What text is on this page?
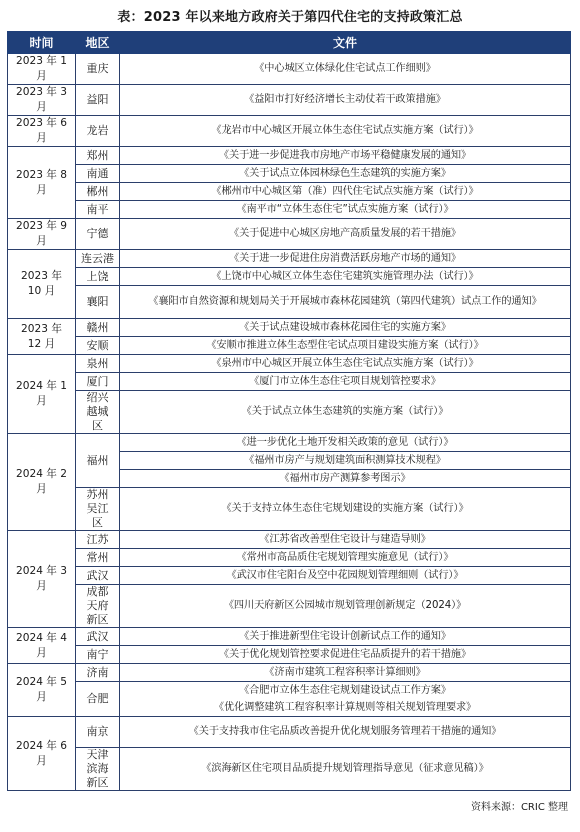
表：2023 年以来地方政府关于第四代住宅的支持政策汇总
时间	地区	文件
2023 年 1 月	重庆	《中心城区立体绿化住宅试点工作细则》
2023 年 3 月	益阳	《益阳市打好经济增长主动仗若干政策措施》
2023 年 6 月	龙岩	《龙岩市中心城区开展立体生态住宅试点实施方案（试行）》
2023 年 8 月	郑州	《关于进一步促进我市房地产市场平稳健康发展的通知》
	南通	《关于试点立体园林绿色生态建筑的实施方案》
	郴州	《郴州市中心城区第（准）四代住宅试点实施方案（试行）》
	南平	《南平市“立体生态住宅”试点实施方案（试行）》
2023 年 9 月	宁德	《关于促进中心城区房地产高质量发展的若干措施》
2023 年 10 月	连云港	《关于进一步促进住房消费活跃房地产市场的通知》
	上饶	《上饶市中心城区立体生态住宅建筑实施管理办法（试行）》
	襄阳	《襄阳市自然资源和规划局关于开展城市森林花园建筑（第四代建筑）试点工作的通知》
2023 年 12 月	赣州	《关于试点建设城市森林花园住宅的实施方案》
	安顺	《安顺市推进立体生态型住宅试点项目建设实施方案（试行）》
2024 年 1 月	泉州	《泉州市中心城区开展立体生态住宅试点实施方案（试行）》
	厦门	《厦门市立体生态住宅项目规划管控要求》
	绍兴越城区	《关于试点立体生态建筑的实施方案（试行）》
2024 年 2 月	福州	《进一步优化土地开发相关政策的意见（试行）》
		《福州市房产与规划建筑面积测算技术规程》
		《福州市房产测算参考图示》
	苏州吴江区	《关于支持立体生态住宅规划建设的实施方案（试行）》
2024 年 3 月	江苏	《江苏省改善型住宅设计与建造导则》
	常州	《常州市高品质住宅规划管理实施意见（试行）》
	武汉	《武汉市住宅阳台及空中花园规划管理细则（试行）》
	成都天府新区	《四川天府新区公园城市规划管理创新规定（2024）》
2024 年 4 月	武汉	《关于推进新型住宅设计创新试点工作的通知》
	南宁	《关于优化规划管控要求促进住宅品质提升的若干措施》
2024 年 5 月	济南	《济南市建筑工程容积率计算细则》
	合肥	《合肥市立体生态住宅规划建设试点工作方案》
		《优化调整建筑工程容积率计算规则等相关规划管理要求》
2024 年 6 月	南京	《关于支持我市住宅品质改善提升优化规划服务管理若干措施的通知》
	天津滨海新区	《滨海新区住宅项目品质提升规划管理指导意见（征求意见稿）》
资料来源：CRIC 整理
